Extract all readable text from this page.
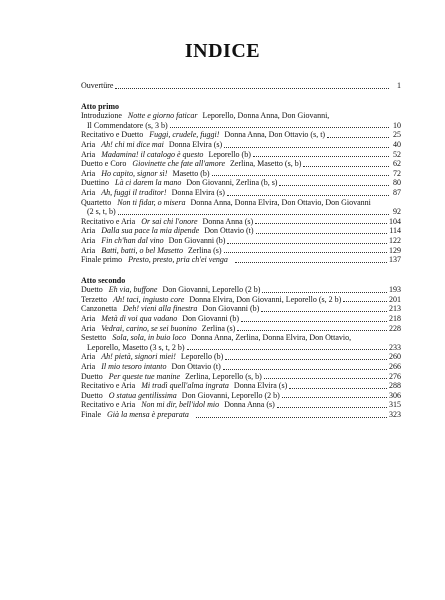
INDICE
Ouvertüre	1
Atto primo
Introduzione Notte e giorno faticar Leporello, Donna Anna, Don Giovanni,
Il Commendatore (s, 3 b)	10
Recitativo e Duetto Fuggi, crudele, fuggi! Donna Anna, Don Ottavio (s, t)	25
Aria Ah! chi mi dice mai Donna Elvira (s)	40
Aria Madamina! il catalogo è questo Leporello (b)	52
Duetto e Coro Giovinette che fate all'amore Zerlina, Masetto (s, b)	62
Aria Ho capito, signor sì! Masetto (b)	72
Duettino Là ci darem la mano Don Giovanni, Zerlina (b, s)	80
Aria Ah, fuggi il traditor! Donna Elvira (s)	87
Quartetto Non ti fidar, o misera Donna Anna, Donna Elvira, Don Ottavio, Don Giovanni
(2 s, t, b)	92
Recitativo e Aria Or sai chi l'onore Donna Anna (s)	104
Aria Dalla sua pace la mia dipende Don Ottavio (t)	114
Aria Fin ch'han dal vino Don Giovanni (b)	122
Aria Batti, batti, o bel Masetto Zerlina (s)	129
Finale primo Presto, presto, pria ch'ei venga	137
Atto secondo
Duetto Eh via, buffone Don Giovanni, Leporello (2 b)	193
Terzetto Ah! taci, ingiusto core Donna Elvira, Don Giovanni, Leporello (s, 2 b)	201
Canzonetta Deh! vieni alla finestra Don Giovanni (b)	213
Aria Metà di voi qua vadano Don Giovanni (b)	218
Aria Vedrai, carino, se sei buonino Zerlina (s)	228
Sestetto Sola, sola, in buio loco Donna Anna, Zerlina, Donna Elvira, Don Ottavio,
Leporello, Masetto (3 s, t, 2 b)	233
Aria Ah! pietà, signori miei! Leporello (b)	260
Aria Il mio tesoro intanto Don Ottavio (t)	266
Duetto Per queste tue manine Zerlina, Leporello (s, b)	276
Recitativo e Aria Mi tradì quell'alma ingrata Donna Elvira (s)	288
Duetto O statua gentilissima Don Giovanni, Leporello (2 b)	306
Recitativo e Aria Non mi dir, bell'idol mio Donna Anna (s)	315
Finale Già la mensa è preparata	323
